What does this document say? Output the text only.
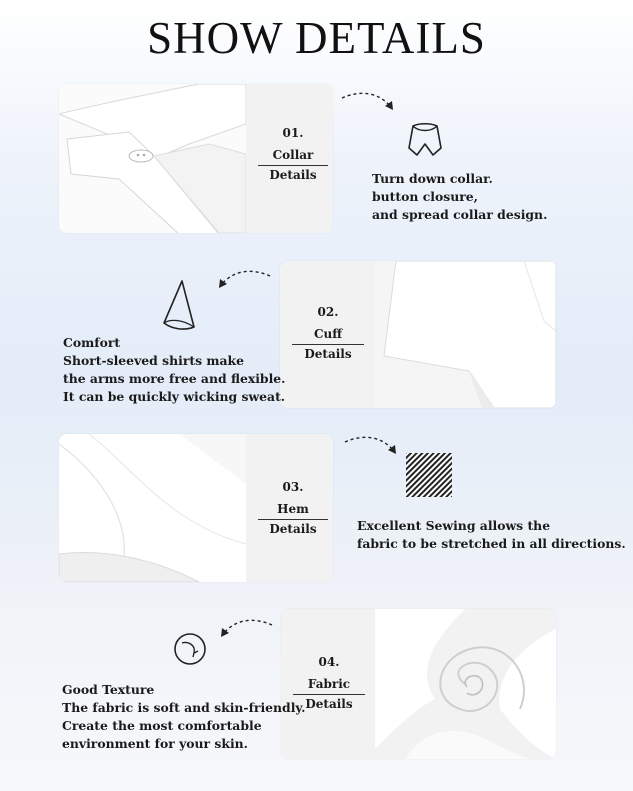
SHOW DETAILS
01.
Collar
Details	Turn down collar.
button closure,
and spread collar design.
02.
Cuff
Details
Comfort
Short-sleeved shirts make
the arms more free and flexible.
It can be quickly wicking sweat.
03.
Hem
Details	Excellent Sewing allows the
fabric to be stretched in all directions.
04.
Fabric
Details
Good Texture
The fabric is soft and skin-friendly.
Create the most comfortable
environment for your skin.
